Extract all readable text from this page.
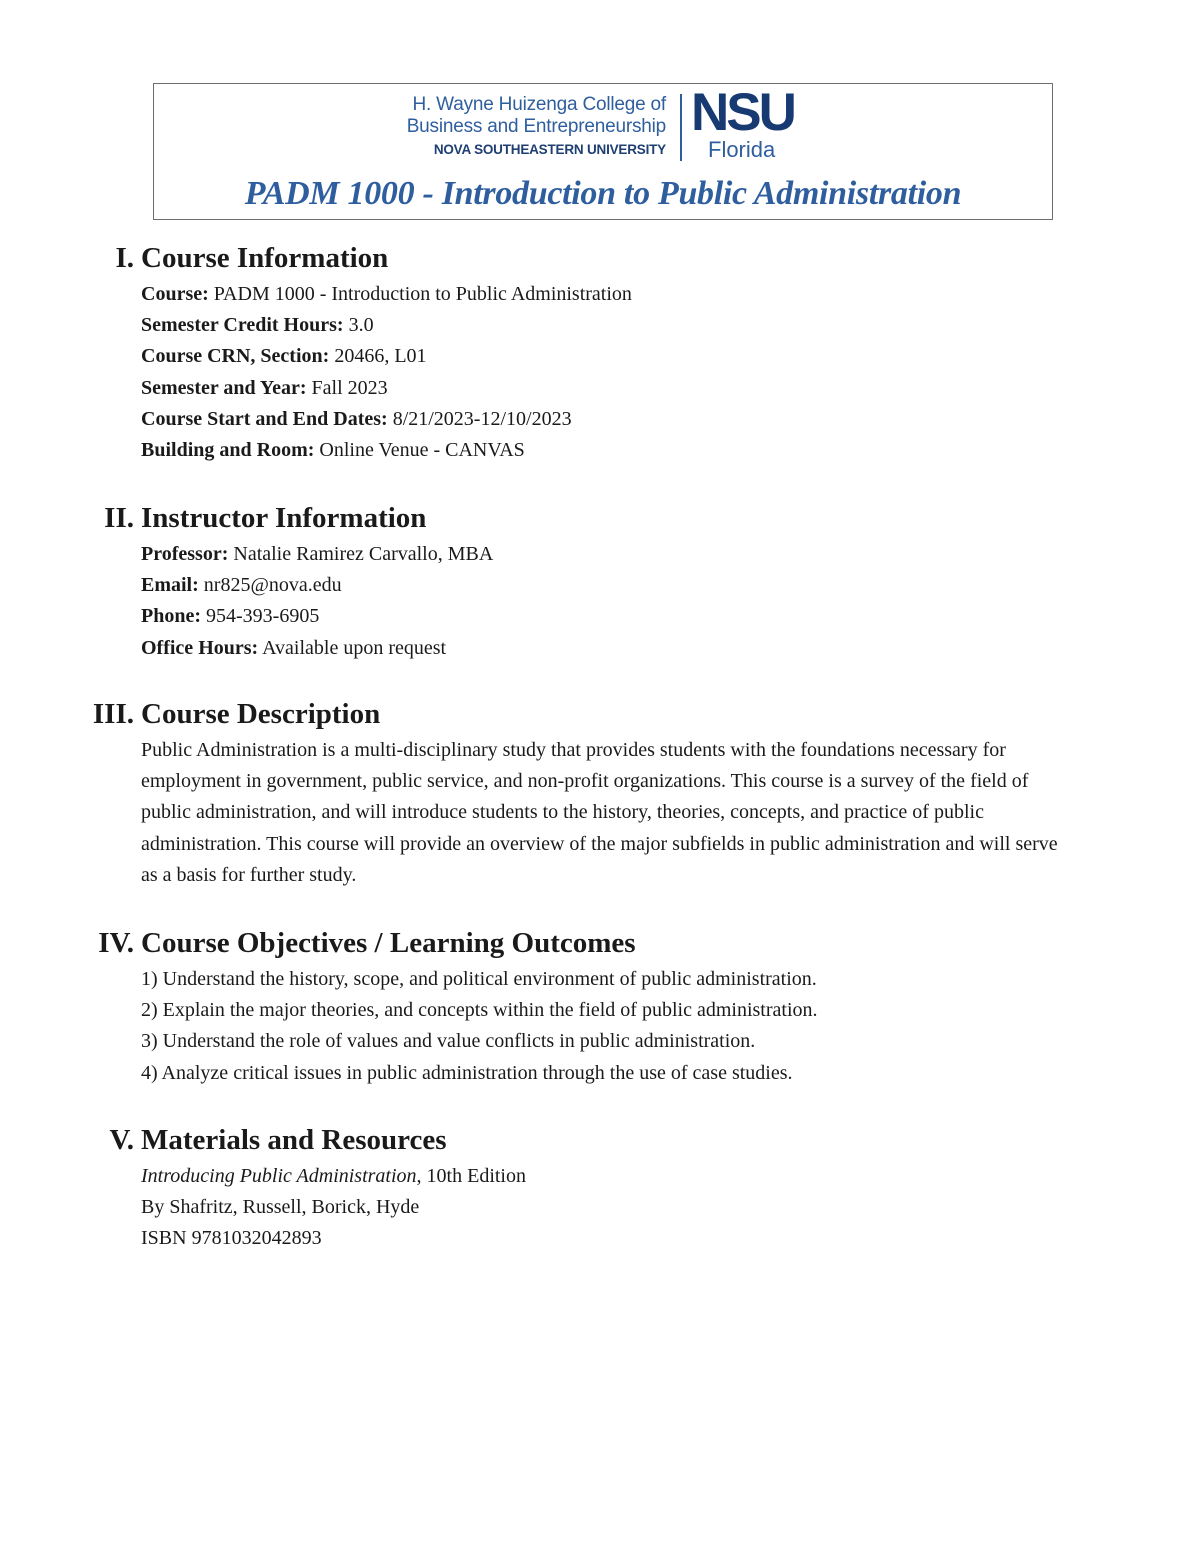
H. Wayne Huizenga College of
Business and Entrepreneurship
NOVA SOUTHEASTERN UNIVERSITY
NSU
Florida
PADM 1000 - Introduction to Public Administration
I. Course Information
Course: PADM 1000 - Introduction to Public Administration
Semester Credit Hours: 3.0
Course CRN, Section: 20466, L01
Semester and Year: Fall 2023
Course Start and End Dates: 8/21/2023-12/10/2023
Building and Room: Online Venue - CANVAS
II. Instructor Information
Professor: Natalie Ramirez Carvallo, MBA
Email: nr825@nova.edu
Phone: 954-393-6905
Office Hours: Available upon request
III. Course Description

Public Administration is a multi-disciplinary study that provides students with the foundations necessary for employment in government, public service, and non-profit organizations. This course is a survey of the field of public administration, and will introduce students to the history, theories, concepts, and practice of public administration. This course will provide an overview of the major subfields in public administration and will serve as a basis for further study.

IV. Course Objectives / Learning Outcomes
1) Understand the history, scope, and political environment of public administration.
2) Explain the major theories, and concepts within the field of public administration.
3) Understand the role of values and value conflicts in public administration.
4) Analyze critical issues in public administration through the use of case studies.
V. Materials and Resources
Introducing Public Administration, 10th Edition
By Shafritz, Russell, Borick, Hyde
ISBN 9781032042893
